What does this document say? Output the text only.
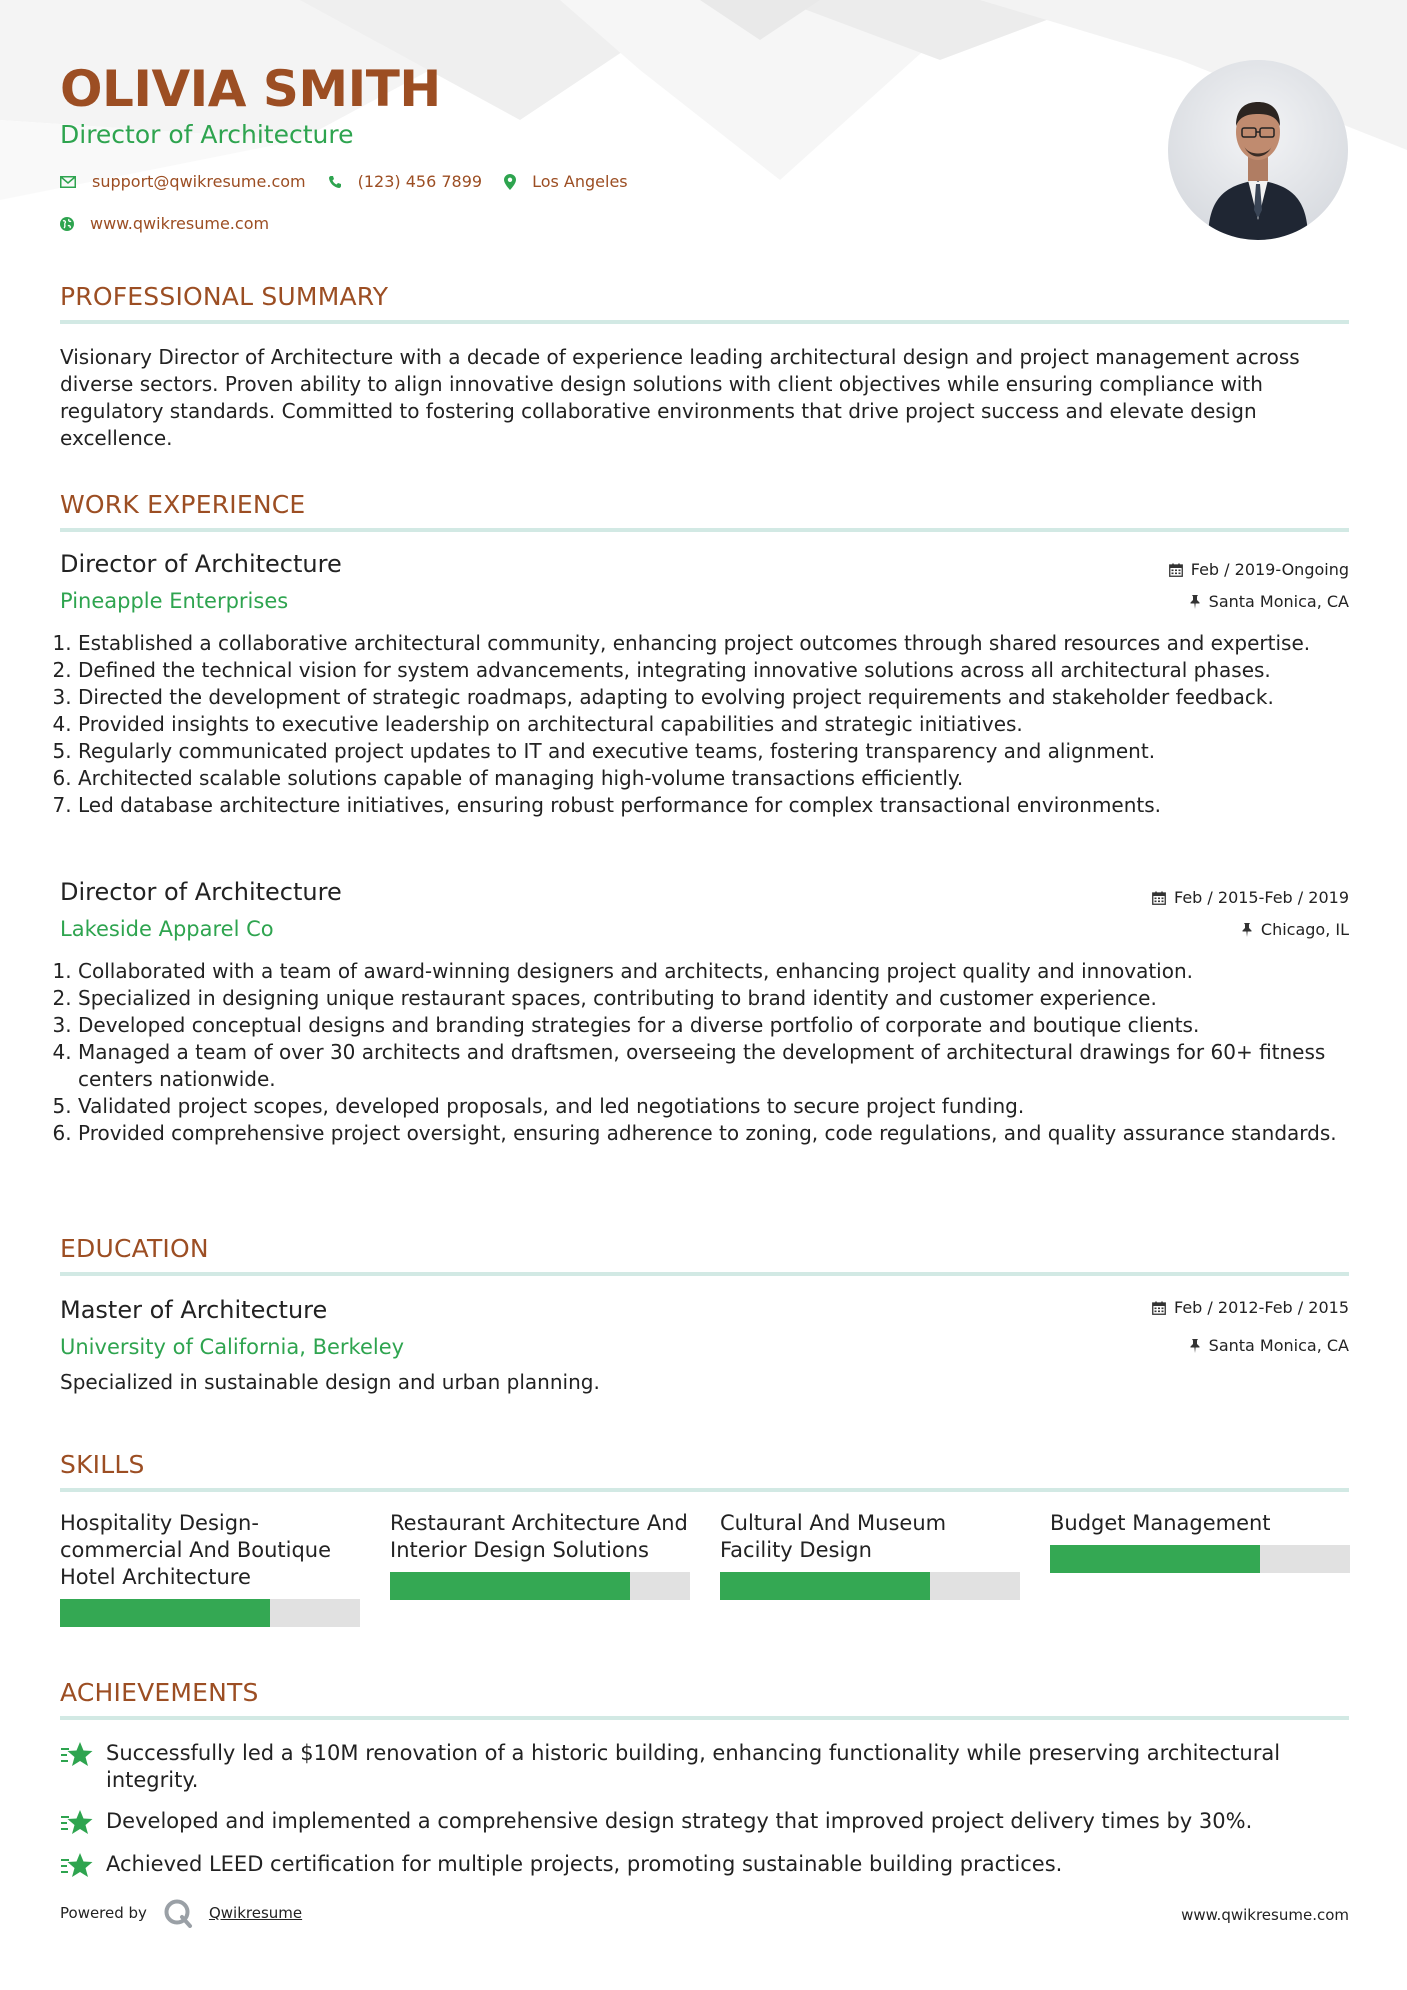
OLIVIA SMITH
Director of Architecture
support@qwikresume.com	(123) 456 7899	Los Angeles
www.qwikresume.com
PROFESSIONAL SUMMARY
Visionary Director of Architecture with a decade of experience leading architectural design and project management across diverse sectors. Proven ability to align innovative design solutions with client objectives while ensuring compliance with regulatory standards. Committed to fostering collaborative environments that drive project success and elevate design excellence.
WORK EXPERIENCE
Director of Architecture
Pineapple Enterprises
Feb / 2019-Ongoing
Santa Monica, CA
1. Established a collaborative architectural community, enhancing project outcomes through shared resources and expertise.
2. Defined the technical vision for system advancements, integrating innovative solutions across all architectural phases.
3. Directed the development of strategic roadmaps, adapting to evolving project requirements and stakeholder feedback.
4. Provided insights to executive leadership on architectural capabilities and strategic initiatives.
5. Regularly communicated project updates to IT and executive teams, fostering transparency and alignment.
6. Architected scalable solutions capable of managing high-volume transactions efficiently.
7. Led database architecture initiatives, ensuring robust performance for complex transactional environments.
Director of Architecture
Lakeside Apparel Co
Feb / 2015-Feb / 2019
Chicago, IL
1. Collaborated with a team of award-winning designers and architects, enhancing project quality and innovation.
2. Specialized in designing unique restaurant spaces, contributing to brand identity and customer experience.
3. Developed conceptual designs and branding strategies for a diverse portfolio of corporate and boutique clients.
4. Managed a team of over 30 architects and draftsmen, overseeing the development of architectural drawings for 60+ fitness centers nationwide.
5. Validated project scopes, developed proposals, and led negotiations to secure project funding.
6. Provided comprehensive project oversight, ensuring adherence to zoning, code regulations, and quality assurance standards.
EDUCATION
Master of Architecture
University of California, Berkeley
Feb / 2012-Feb / 2015
Santa Monica, CA
Specialized in sustainable design and urban planning.
SKILLS
Hospitality Design-commercial And Boutique Hotel Architecture
Restaurant Architecture And Interior Design Solutions
Cultural And Museum Facility Design
Budget Management
ACHIEVEMENTS
Successfully led a $10M renovation of a historic building, enhancing functionality while preserving architectural integrity.
Developed and implemented a comprehensive design strategy that improved project delivery times by 30%.
Achieved LEED certification for multiple projects, promoting sustainable building practices.
Powered by	Qwikresume	www.qwikresume.com
